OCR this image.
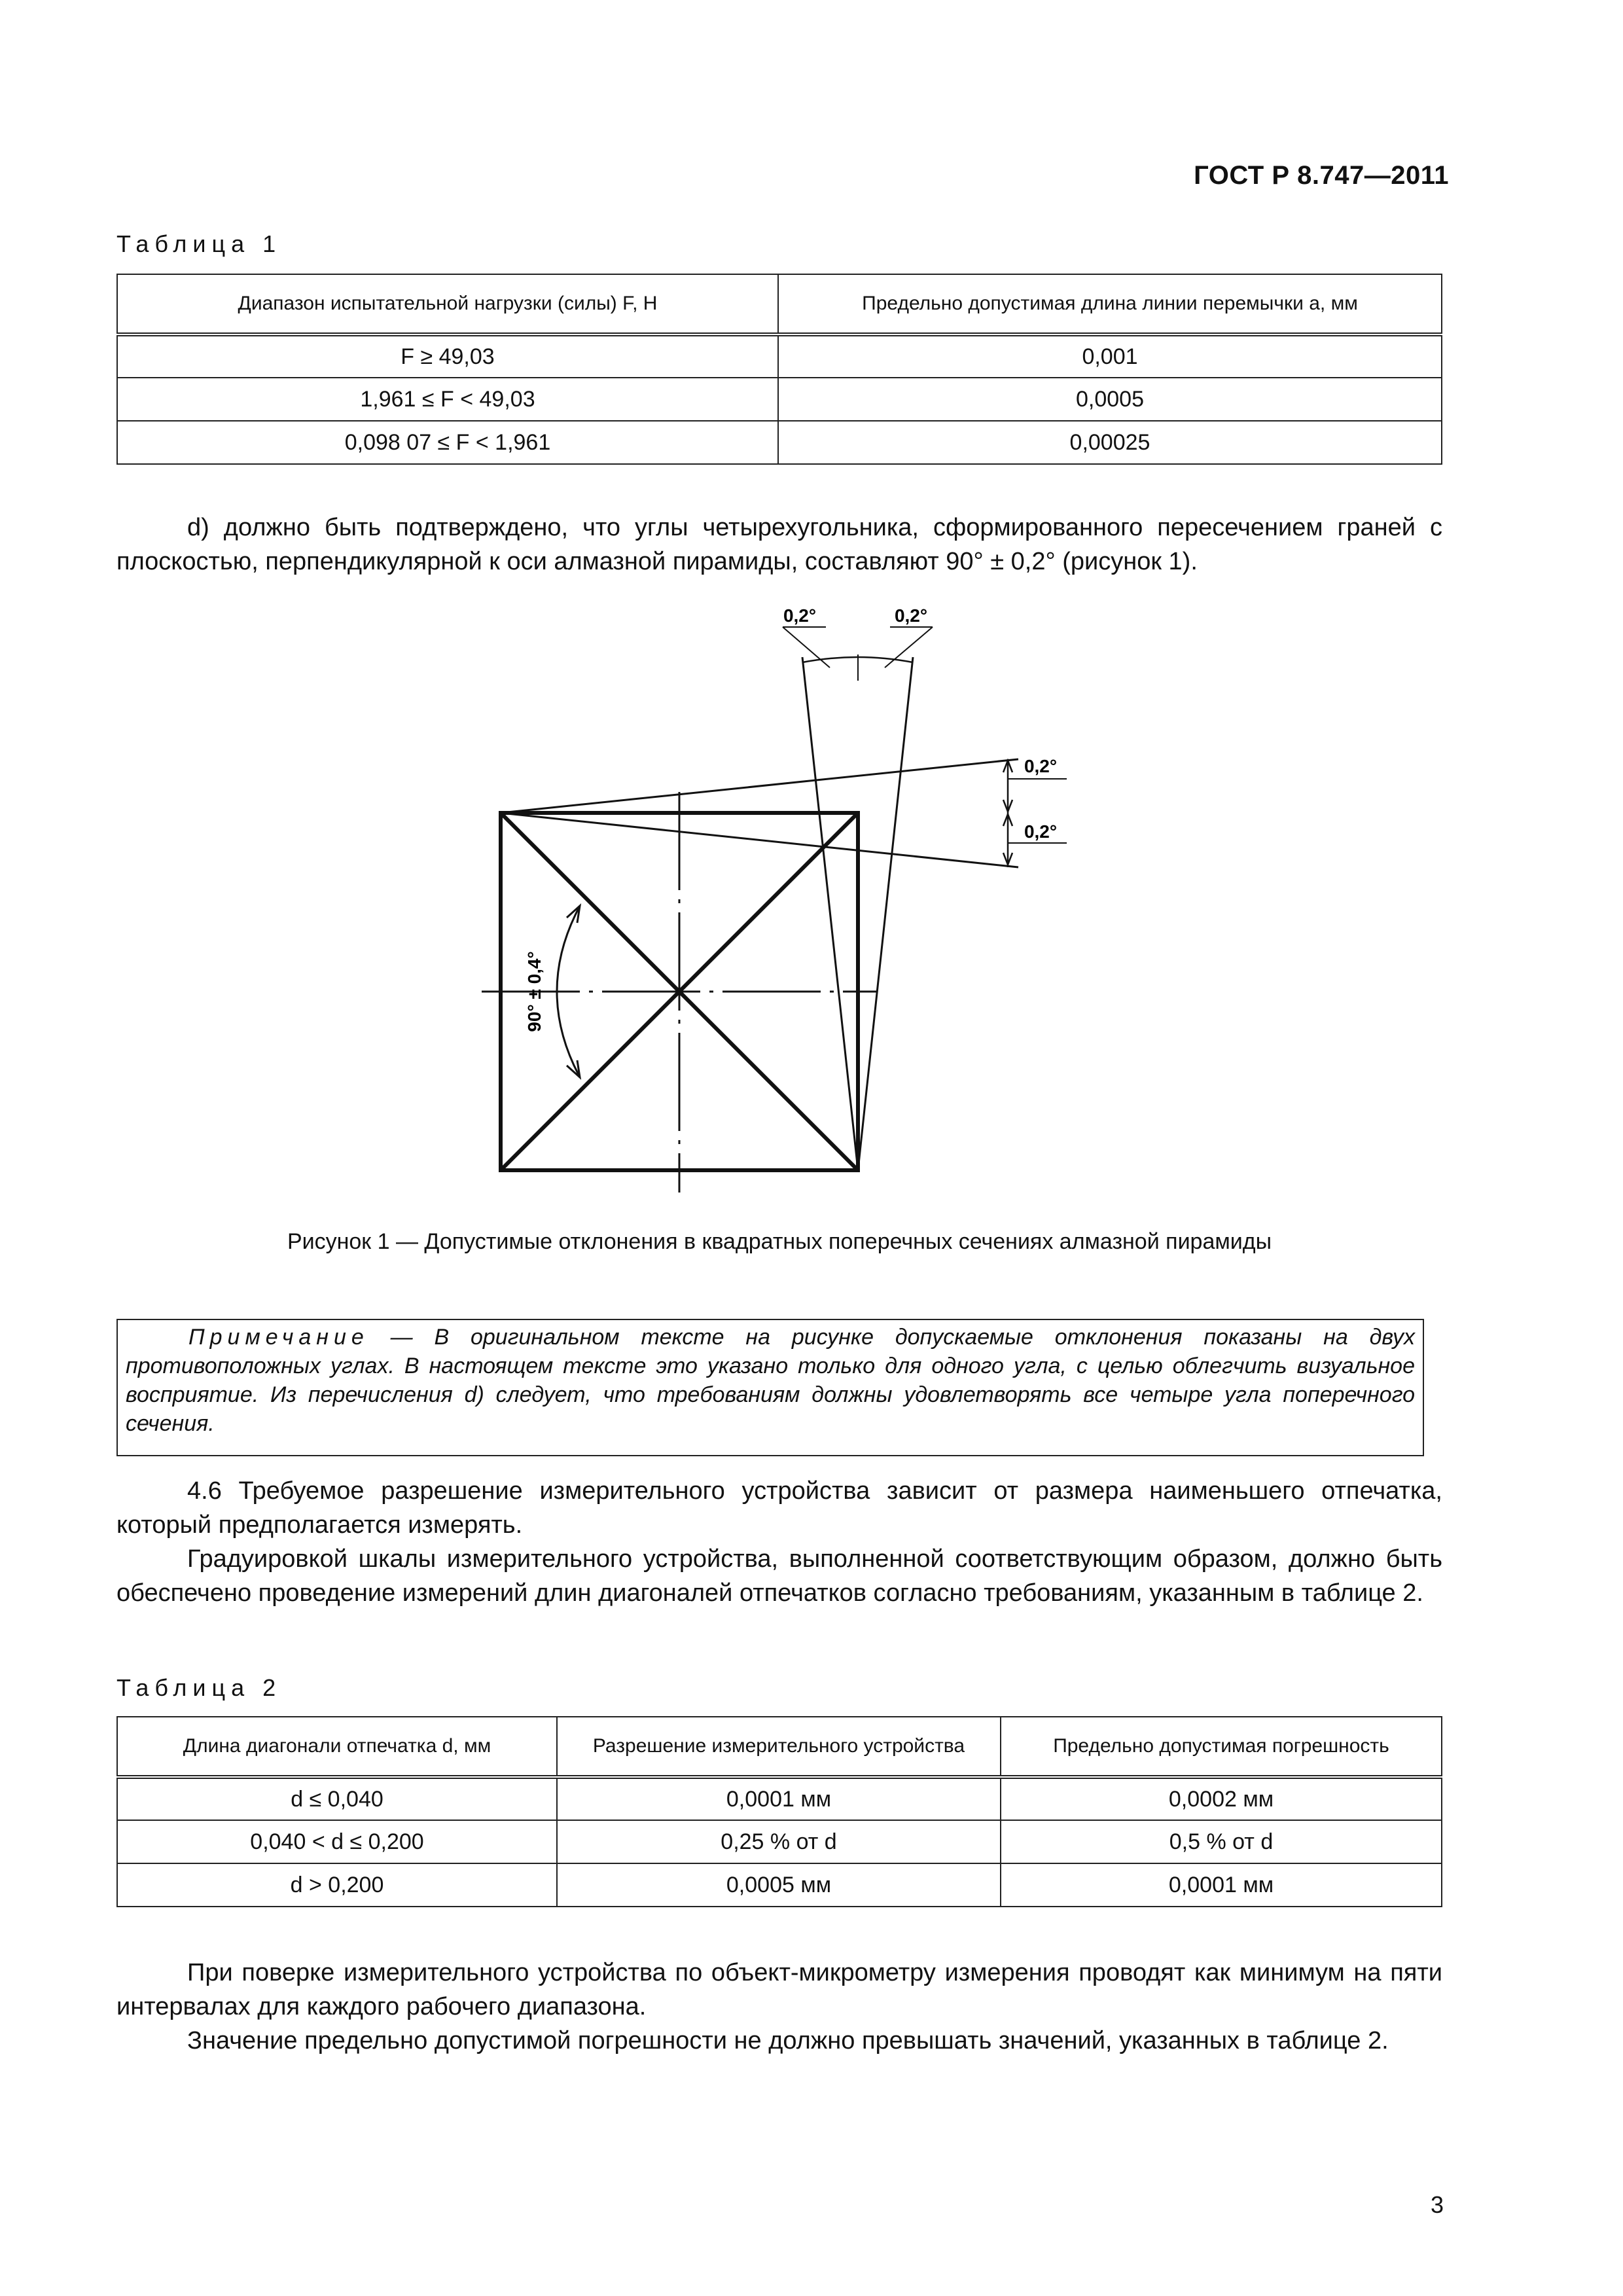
ГОСТ Р 8.747—2011
Таблица 1
Диапазон испытательной нагрузки (силы) F, Н	Предельно допустимая длина линии перемычки a, мм
F ≥ 49,03	0,001
1,961 ≤ F < 49,03	0,0005
0,098 07 ≤ F < 1,961	0,00025

d) должно быть подтверждено, что углы четырехугольника, сформированного пересечением граней с плоскостью, перпендикулярной к оси алмазной пирамиды, составляют 90° ± 0,2° (рисунок 1).

0,2°	0,2°
0,2°
0,2°
90° ± 0,4°
Рисунок 1 — Допустимые отклонения в квадратных поперечных сечениях алмазной пирамиды

Примечание — В оригинальном тексте на рисунке допускаемые отклонения показаны на двух противоположных углах. В настоящем тексте это указано только для одного угла, с целью облегчить визуальное восприятие. Из перечисления d) следует, что требованиям должны удовлетворять все четыре угла поперечного сечения.

4.6 Требуемое разрешение измерительного устройства зависит от размера наименьшего отпечатка, который предполагается измерять.

Градуировкой шкалы измерительного устройства, выполненной соответствующим образом, должно быть обеспечено проведение измерений длин диагоналей отпечатков согласно требованиям, указанным в таблице 2.

Таблица 2
Длина диагонали отпечатка d, мм	Разрешение измерительного устройства	Предельно допустимая погрешность
d ≤ 0,040	0,0001 мм	0,0002 мм
0,040 < d ≤ 0,200	0,25 % от d	0,5 % от d
d > 0,200	0,0005 мм	0,0001 мм

При поверке измерительного устройства по объект-микрометру измерения проводят как минимум на пяти интервалах для каждого рабочего диапазона.

Значение предельно допустимой погрешности не должно превышать значений, указанных в таблице 2.

3
